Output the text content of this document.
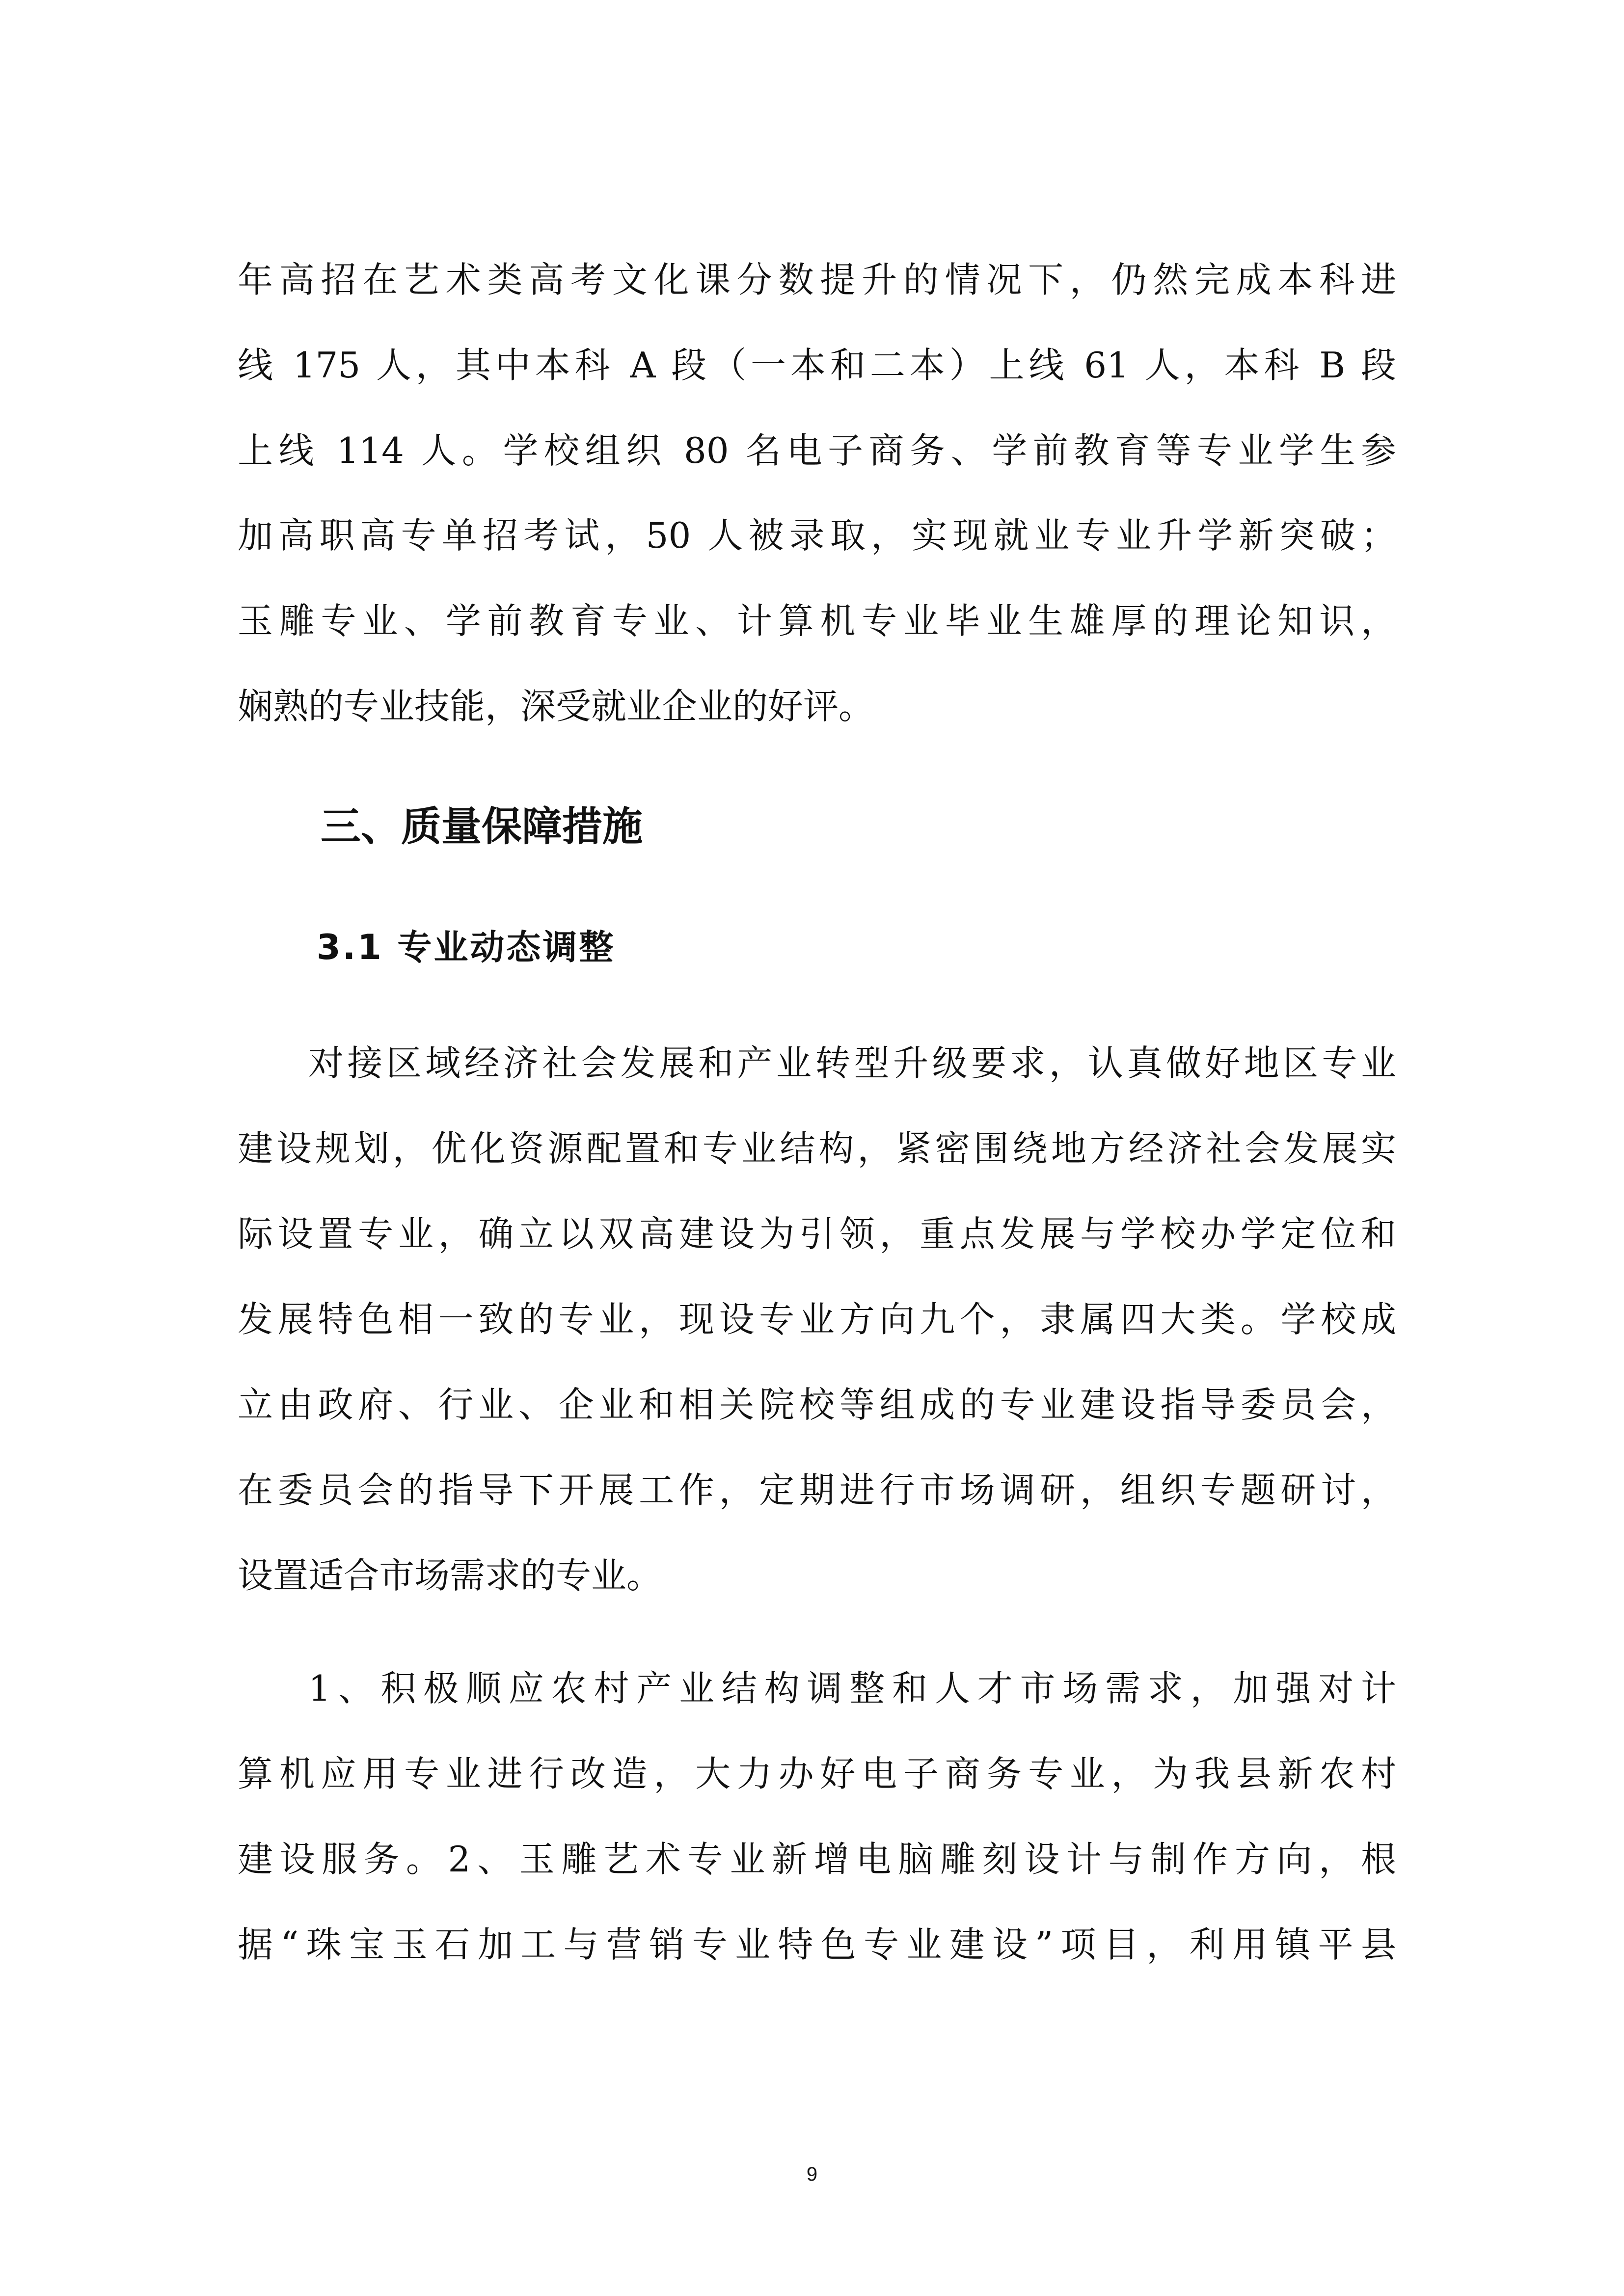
年高招在艺术类高考文化课分数提升的情况下，仍然完成本科进

线 175 人，其中本科 A 段（一本和二本）上线 61 人，本科 B 段

上线 114 人。学校组织 80 名电子商务、学前教育等专业学生参

加高职高专单招考试，50 人被录取，实现就业专业升学新突破；

玉雕专业、学前教育专业、计算机专业毕业生雄厚的理论知识，

娴熟的专业技能，深受就业企业的好评。

三、质量保障措施
3.1 专业动态调整

对接区域经济社会发展和产业转型升级要求，认真做好地区专业

建设规划，优化资源配置和专业结构，紧密围绕地方经济社会发展实

际设置专业，确立以双高建设为引领，重点发展与学校办学定位和

发展特色相一致的专业，现设专业方向九个，隶属四大类。学校成

立由政府、行业、企业和相关院校等组成的专业建设指导委员会，

在委员会的指导下开展工作，定期进行市场调研，组织专题研讨，

设置适合市场需求的专业。

1、积极顺应农村产业结构调整和人才市场需求，加强对计

算机应用专业进行改造，大力办好电子商务专业，为我县新农村

建设服务。2、玉雕艺术专业新增电脑雕刻设计与制作方向，根

据“珠宝玉石加工与营销专业特色专业建设”项目，利用镇平县

9
